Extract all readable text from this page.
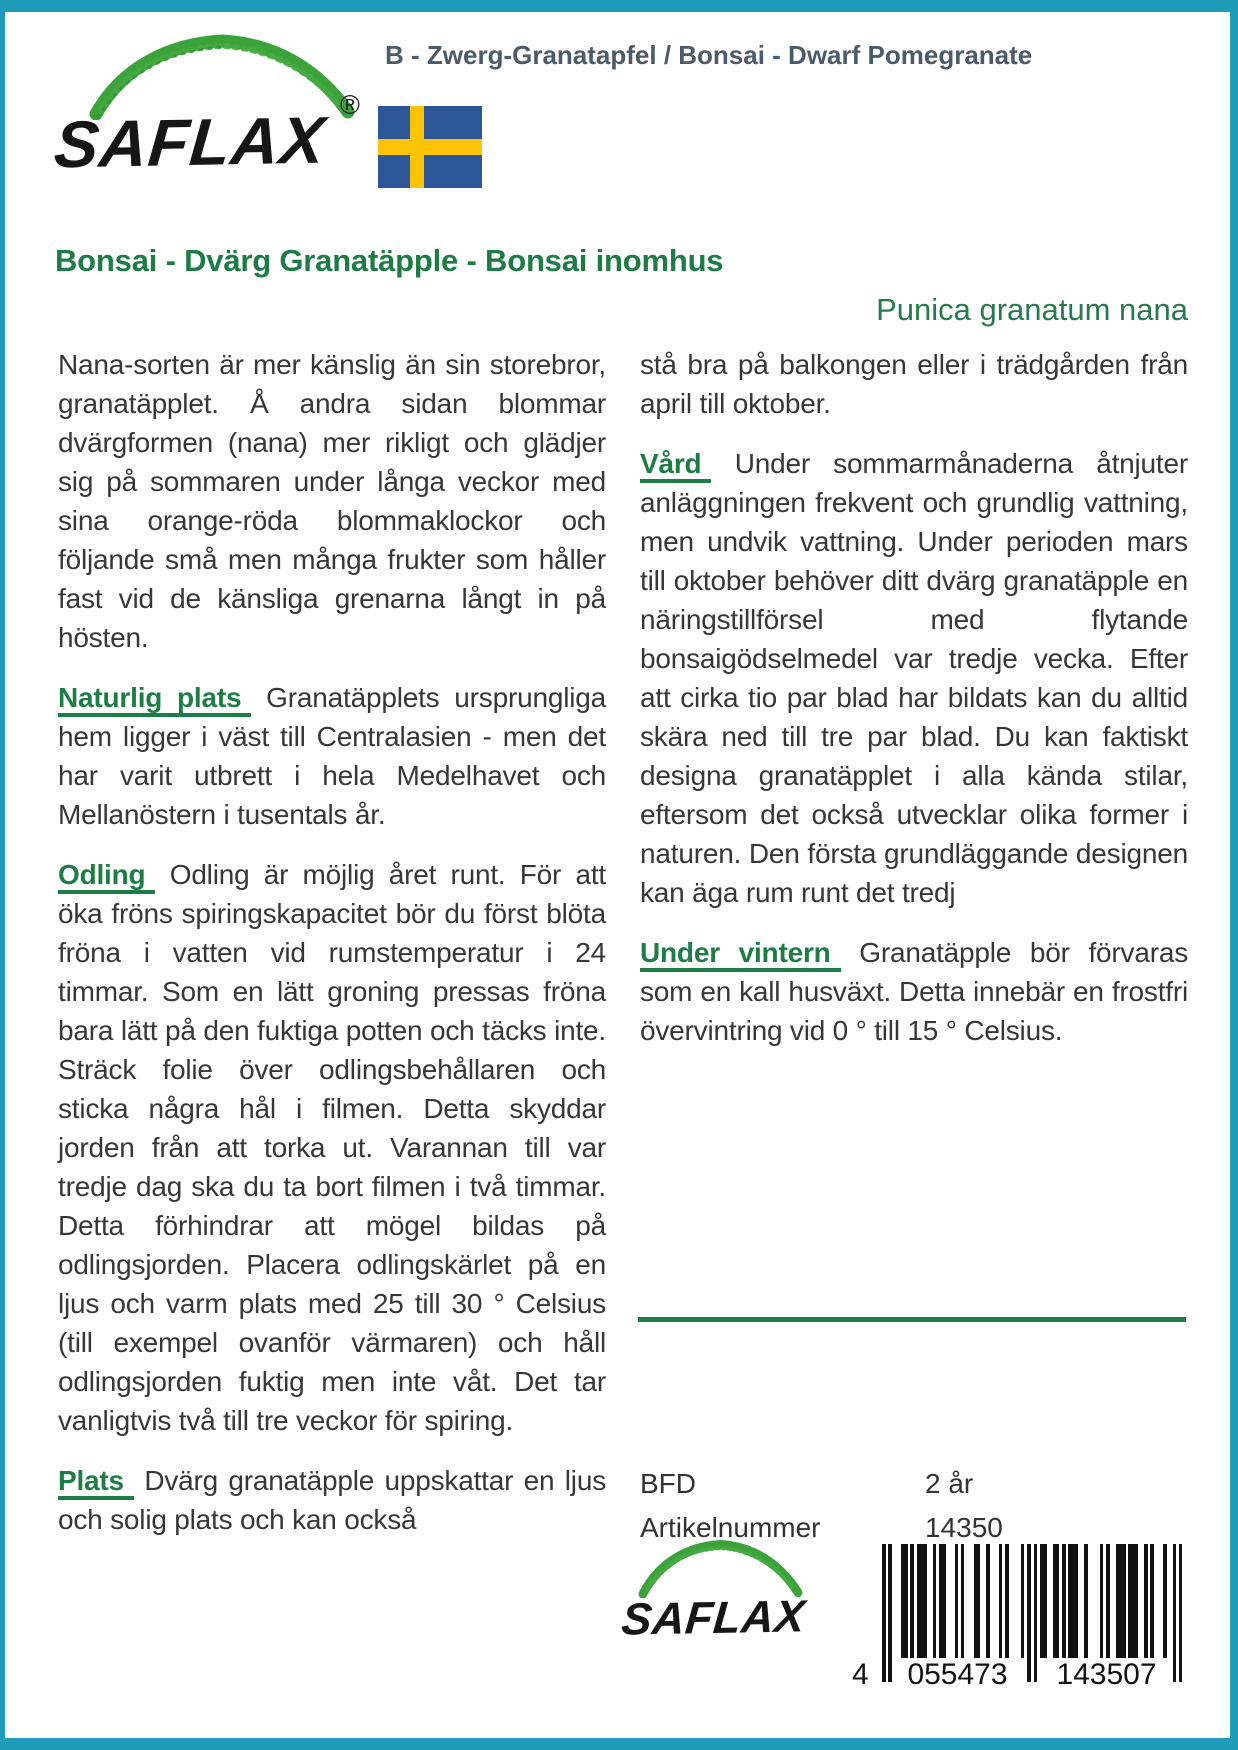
B - Zwerg-Granatapfel / Bonsai - Dwarf Pomegranate
SAFLAX ®
Bonsai - Dvärg Granatäpple - Bonsai inomhus
Punica granatum nana

Nana-sorten är mer känslig än sin storebror, granatäpplet. Å andra sidan blommar dvärgformen (nana) mer rikligt och glädjer sig på sommaren under långa veckor med sina orange-röda blommaklockor och följande små men många frukter som håller fast vid de känsliga grenarna långt in på hösten.

Naturlig plats Granatäpplets ursprungliga hem ligger i väst till Centralasien - men det har varit utbrett i hela Medelhavet och Mellanöstern i tusentals år.

Odling Odling är möjlig året runt. För att öka fröns spiringskapacitet bör du först blöta fröna i vatten vid rumstemperatur i 24 timmar. Som en lätt groning pressas fröna bara lätt på den fuktiga potten och täcks inte. Sträck folie över odlingsbehållaren och sticka några hål i filmen. Detta skyddar jorden från att torka ut. Varannan till var tredje dag ska du ta bort filmen i två timmar. Detta förhindrar att mögel bildas på odlingsjorden. Placera odlingskärlet på en ljus och varm plats med 25 till 30 ° Celsius (till exempel ovanför värmaren) och håll odlingsjorden fuktig men inte våt. Det tar vanligtvis två till tre veckor för spiring.

Plats Dvärg granatäpple uppskattar en ljus och solig plats och kan också

stå bra på balkongen eller i trädgården från april till oktober.

Vård Under sommarmånaderna åtnjuter anläggningen frekvent och grundlig vattning, men undvik vattning. Under perioden mars till oktober behöver ditt dvärg granatäpple en näringstillförsel med flytande bonsaigödselmedel var tredje vecka. Efter att cirka tio par blad har bildats kan du alltid skära ned till tre par blad. Du kan faktiskt designa granatäpplet i alla kända stilar, eftersom det också utvecklar olika former i naturen. Den första grundläggande designen kan äga rum runt det tredj

Under vintern Granatäpple bör förvaras som en kall husväxt. Detta innebär en frostfri övervintring vid 0 ° till 15 ° Celsius.

BFD	2 år
Artikelnummer	14350
SAFLAX
4	055473	143507
